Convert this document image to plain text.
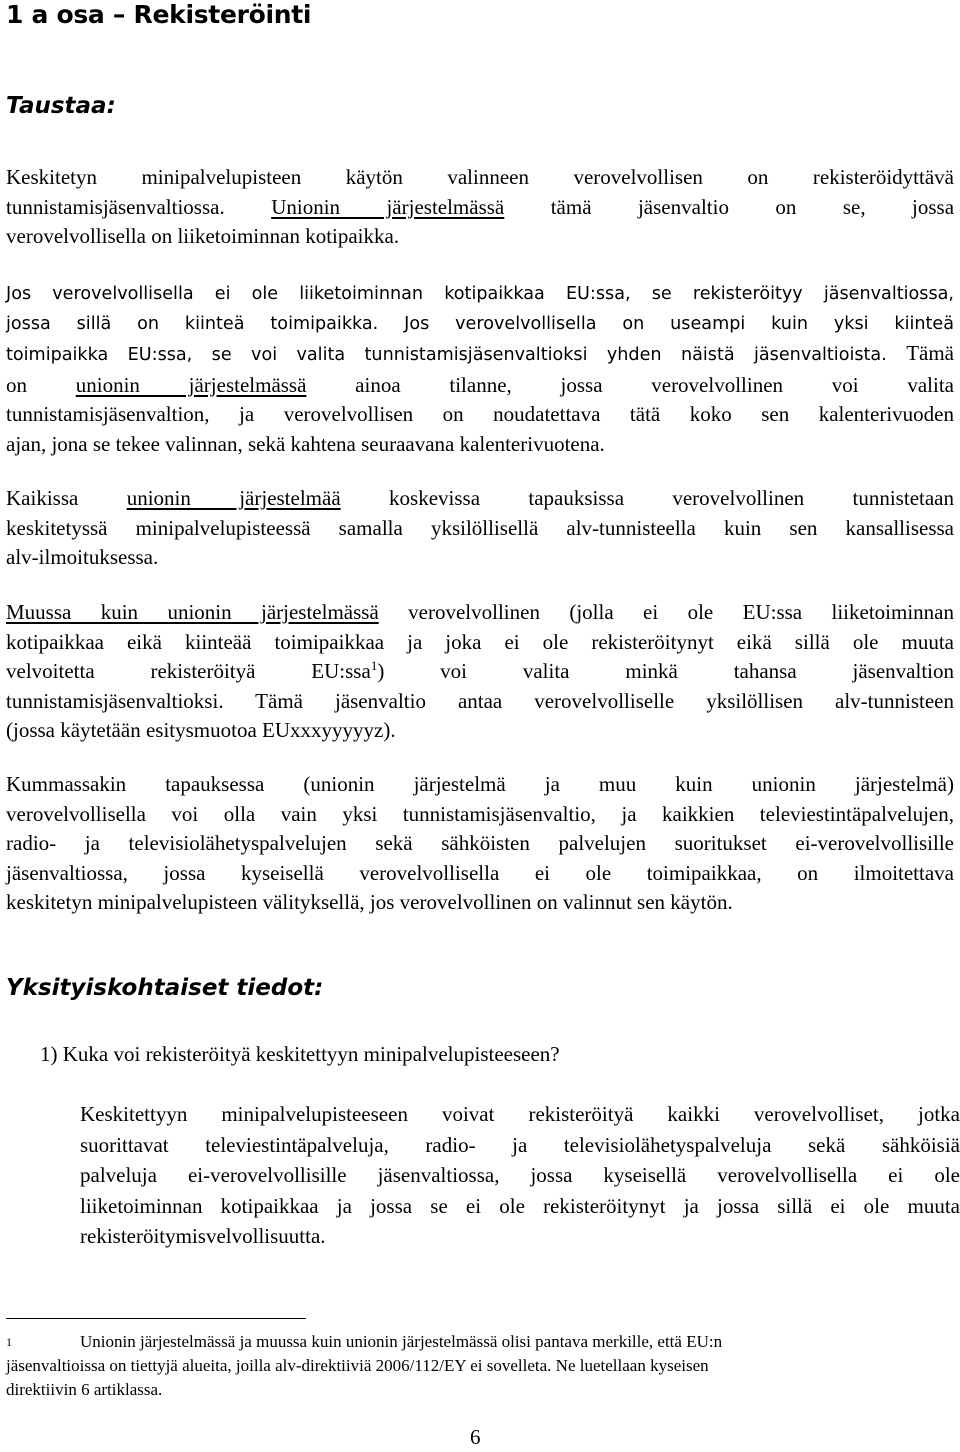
1 a osa – Rekisteröinti
Taustaa:

Keskitetyn minipalvelupisteen käytön valinneen verovelvollisen on rekisteröidyttävä
tunnistamisjäsenvaltiossa. Unionin järjestelmässä tämä jäsenvaltio on se, jossa
verovelvollisella on liiketoiminnan kotipaikka.

Jos verovelvollisella ei ole liiketoiminnan kotipaikkaa EU:ssa, se rekisteröityy jäsenvaltiossa,
jossa sillä on kiinteä toimipaikka. Jos verovelvollisella on useampi kuin yksi kiinteä
toimipaikka EU:ssa, se voi valita tunnistamisjäsenvaltioksi yhden näistä jäsenvaltioista. Tämä
on unionin järjestelmässä ainoa tilanne, jossa verovelvollinen voi valita
tunnistamisjäsenvaltion, ja verovelvollisen on noudatettava tätä koko sen kalenterivuoden
ajan, jona se tekee valinnan, sekä kahtena seuraavana kalenterivuotena.

Kaikissa unionin järjestelmää koskevissa tapauksissa verovelvollinen tunnistetaan
keskitetyssä minipalvelupisteessä samalla yksilöllisellä alv-tunnisteella kuin sen kansallisessa
alv-ilmoituksessa.

Muussa kuin unionin järjestelmässä verovelvollinen (jolla ei ole EU:ssa liiketoiminnan
kotipaikkaa eikä kiinteää toimipaikkaa ja joka ei ole rekisteröitynyt eikä sillä ole muuta
velvoitetta rekisteröityä EU:ssa$^1$) voi valita minkä tahansa jäsenvaltion
tunnistamisjäsenvaltioksi. Tämä jäsenvaltio antaa verovelvolliselle yksilöllisen alv-tunnisteen
(jossa käytetään esitysmuotoa EUxxxyyyyyz).

Kummassakin tapauksessa (unionin järjestelmä ja muu kuin unionin järjestelmä)
verovelvollisella voi olla vain yksi tunnistamisjäsenvaltio, ja kaikkien televiestintäpalvelujen,
radio- ja televisiolähetyspalvelujen sekä sähköisten palvelujen suoritukset ei-verovelvollisille
jäsenvaltiossa, jossa kyseisellä verovelvollisella ei ole toimipaikkaa, on ilmoitettava
keskitetyn minipalvelupisteen välityksellä, jos verovelvollinen on valinnut sen käytön.

Yksityiskohtaiset tiedot:

1) Kuka voi rekisteröityä keskitettyyn minipalvelupisteeseen?

Keskitettyyn minipalvelupisteeseen voivat rekisteröityä kaikki verovelvolliset, jotka
suorittavat televiestintäpalveluja, radio- ja televisiolähetyspalveluja sekä sähköisiä
palveluja ei-verovelvollisille jäsenvaltiossa, jossa kyseisellä verovelvollisella ei ole
liiketoiminnan kotipaikkaa ja jossa se ei ole rekisteröitynyt ja jossa sillä ei ole muuta
rekisteröitymisvelvollisuutta.

1	Unionin järjestelmässä ja muussa kuin unionin järjestelmässä olisi pantava merkille, että EU:n
jäsenvaltioissa on tiettyjä alueita, joilla alv-direktiiviä 2006/112/EY ei sovelleta. Ne luetellaan kyseisen
direktiivin 6 artiklassa.

6
